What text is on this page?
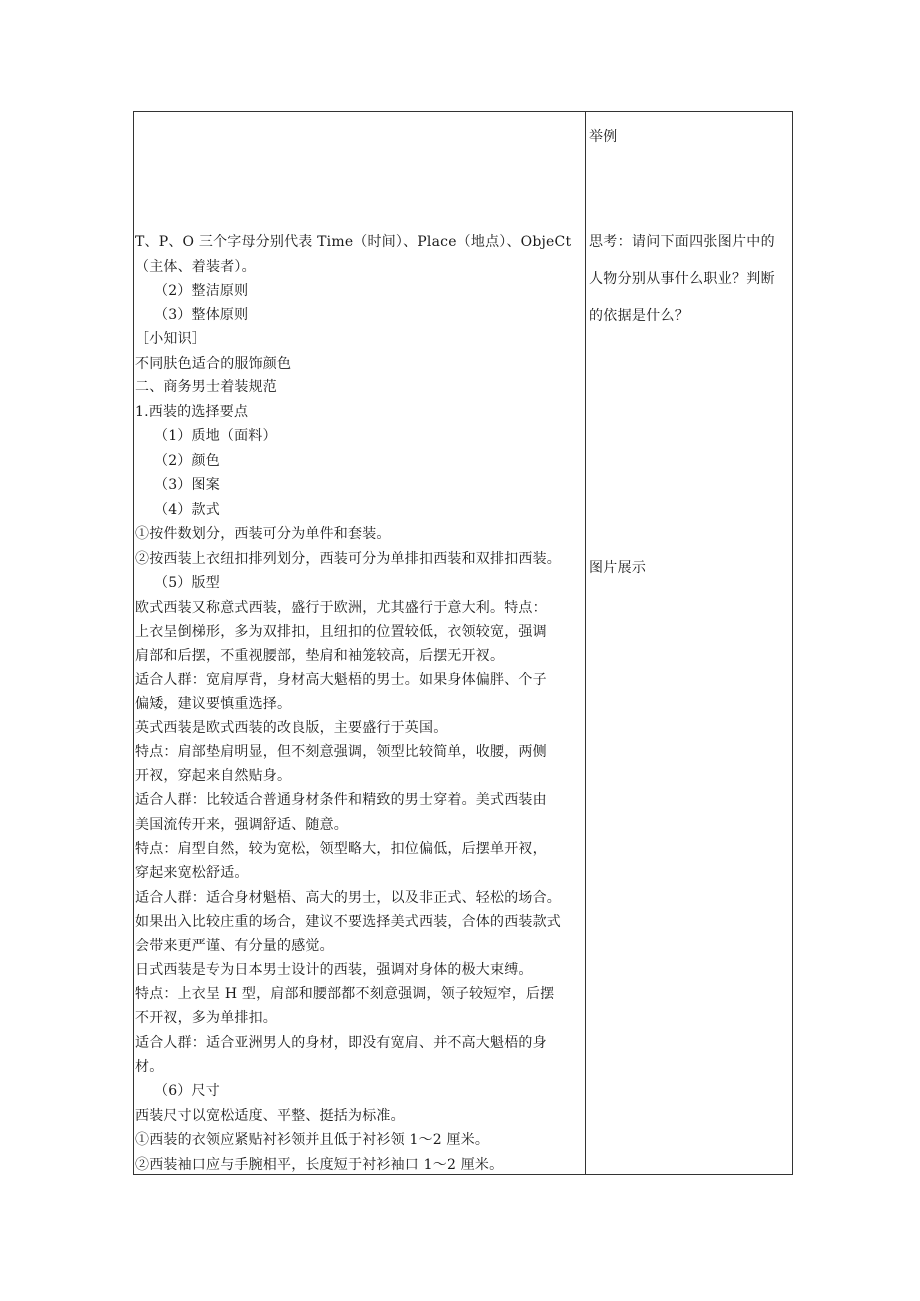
T、P、O 三个字母分别代表 Time（时间）、Place（地点）、ObjeCt
（主体、着装者）。
（2）整洁原则
（3）整体原则
［小知识］
不同肤色适合的服饰颜色
二、商务男士着装规范
1.西装的选择要点
（1）质地（面料）
（2）颜色
（3）图案
（4）款式
①按件数划分，西装可分为单件和套装。
②按西装上衣纽扣排列划分，西装可分为单排扣西装和双排扣西装。
（5）版型
欧式西装又称意式西装，盛行于欧洲，尤其盛行于意大利。特点：
上衣呈倒梯形，多为双排扣，且纽扣的位置较低，衣领较宽，强调
肩部和后摆，不重视腰部，垫肩和袖笼较高，后摆无开衩。
适合人群：宽肩厚背，身材高大魁梧的男士。如果身体偏胖、个子
偏矮，建议要慎重选择。
英式西装是欧式西装的改良版，主要盛行于英国。
特点：肩部垫肩明显，但不刻意强调，领型比较简单，收腰，两侧
开衩，穿起来自然贴身。
适合人群：比较适合普通身材条件和精致的男士穿着。美式西装由
美国流传开来，强调舒适、随意。
特点：肩型自然，较为宽松，领型略大，扣位偏低，后摆单开衩，
穿起来宽松舒适。
适合人群：适合身材魁梧、高大的男士，以及非正式、轻松的场合。
如果出入比较庄重的场合，建议不要选择美式西装，合体的西装款式
会带来更严谨、有分量的感觉。
日式西装是专为日本男士设计的西装，强调对身体的极大束缚。
特点：上衣呈 H 型，肩部和腰部都不刻意强调，领子较短窄，后摆
不开衩，多为单排扣。
适合人群：适合亚洲男人的身材，即没有宽肩、并不高大魁梧的身
材。
（6）尺寸
西装尺寸以宽松适度、平整、挺括为标准。
①西装的衣领应紧贴衬衫领并且低于衬衫领 1～2 厘米。
②西装袖口应与手腕相平，长度短于衬衫袖口 1～2 厘米。
举例
思考：请问下面四张图片中的
人物分别从事什么职业？判断
的依据是什么？
图片展示
